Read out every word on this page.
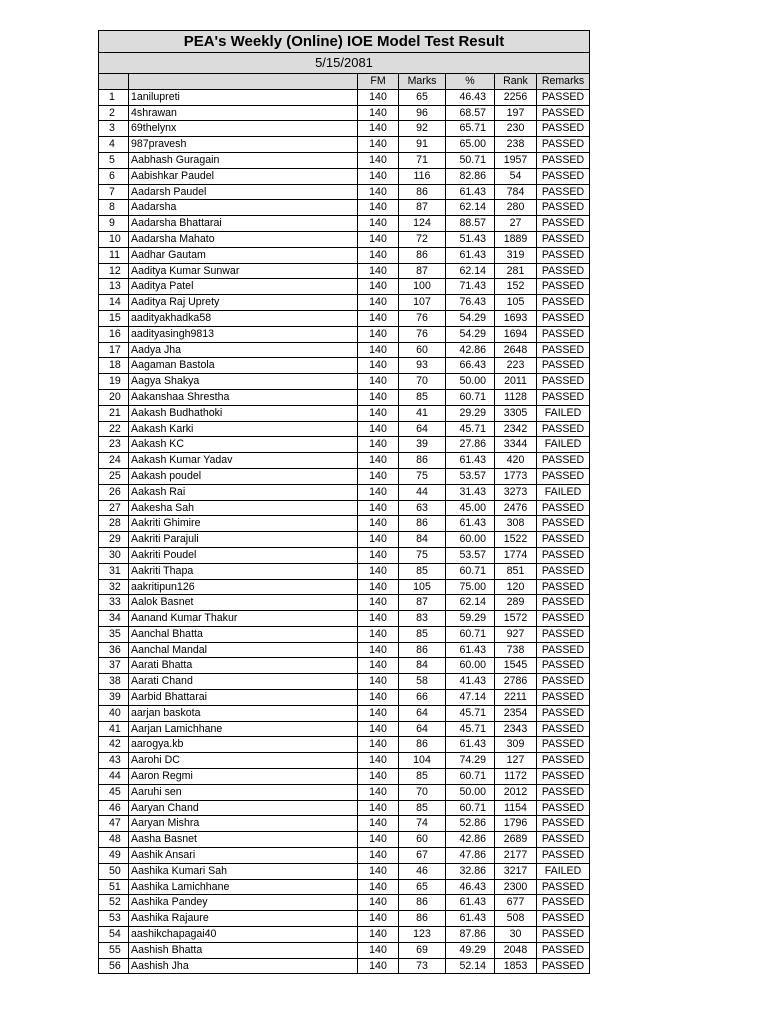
PEA's Weekly (Online) IOE Model Test Result						
5/15/2081						
		FM	Marks	%	Rank	Remarks
1	1anilupreti	140	65	46.43	2256	PASSED
2	4shrawan	140	96	68.57	197	PASSED
3	69thelynx	140	92	65.71	230	PASSED
4	987pravesh	140	91	65.00	238	PASSED
5	Aabhash Guragain	140	71	50.71	1957	PASSED
6	Aabishkar Paudel	140	116	82.86	54	PASSED
7	Aadarsh Paudel	140	86	61.43	784	PASSED
8	Aadarsha	140	87	62.14	280	PASSED
9	Aadarsha Bhattarai	140	124	88.57	27	PASSED
10	Aadarsha Mahato	140	72	51.43	1889	PASSED
11	Aadhar Gautam	140	86	61.43	319	PASSED
12	Aaditya Kumar Sunwar	140	87	62.14	281	PASSED
13	Aaditya Patel	140	100	71.43	152	PASSED
14	Aaditya Raj Uprety	140	107	76.43	105	PASSED
15	aadityakhadka58	140	76	54.29	1693	PASSED
16	aadityasingh9813	140	76	54.29	1694	PASSED
17	Aadya Jha	140	60	42.86	2648	PASSED
18	Aagaman Bastola	140	93	66.43	223	PASSED
19	Aagya Shakya	140	70	50.00	2011	PASSED
20	Aakanshaa Shrestha	140	85	60.71	1128	PASSED
21	Aakash Budhathoki	140	41	29.29	3305	FAILED
22	Aakash Karki	140	64	45.71	2342	PASSED
23	Aakash KC	140	39	27.86	3344	FAILED
24	Aakash Kumar Yadav	140	86	61.43	420	PASSED
25	Aakash poudel	140	75	53.57	1773	PASSED
26	Aakash Rai	140	44	31.43	3273	FAILED
27	Aakesha Sah	140	63	45.00	2476	PASSED
28	Aakriti Ghimire	140	86	61.43	308	PASSED
29	Aakriti Parajuli	140	84	60.00	1522	PASSED
30	Aakriti Poudel	140	75	53.57	1774	PASSED
31	Aakriti Thapa	140	85	60.71	851	PASSED
32	aakritipun126	140	105	75.00	120	PASSED
33	Aalok Basnet	140	87	62.14	289	PASSED
34	Aanand Kumar Thakur	140	83	59.29	1572	PASSED
35	Aanchal Bhatta	140	85	60.71	927	PASSED
36	Aanchal Mandal	140	86	61.43	738	PASSED
37	Aarati Bhatta	140	84	60.00	1545	PASSED
38	Aarati Chand	140	58	41.43	2786	PASSED
39	Aarbid Bhattarai	140	66	47.14	2211	PASSED
40	aarjan baskota	140	64	45.71	2354	PASSED
41	Aarjan Lamichhane	140	64	45.71	2343	PASSED
42	aarogya.kb	140	86	61.43	309	PASSED
43	Aarohi DC	140	104	74.29	127	PASSED
44	Aaron Regmi	140	85	60.71	1172	PASSED
45	Aaruhi sen	140	70	50.00	2012	PASSED
46	Aaryan Chand	140	85	60.71	1154	PASSED
47	Aaryan Mishra	140	74	52.86	1796	PASSED
48	Aasha Basnet	140	60	42.86	2689	PASSED
49	Aashik Ansari	140	67	47.86	2177	PASSED
50	Aashika Kumari Sah	140	46	32.86	3217	FAILED
51	Aashika Lamichhane	140	65	46.43	2300	PASSED
52	Aashika Pandey	140	86	61.43	677	PASSED
53	Aashika Rajaure	140	86	61.43	508	PASSED
54	aashikchapagai40	140	123	87.86	30	PASSED
55	Aashish Bhatta	140	69	49.29	2048	PASSED
56	Aashish Jha	140	73	52.14	1853	PASSED
